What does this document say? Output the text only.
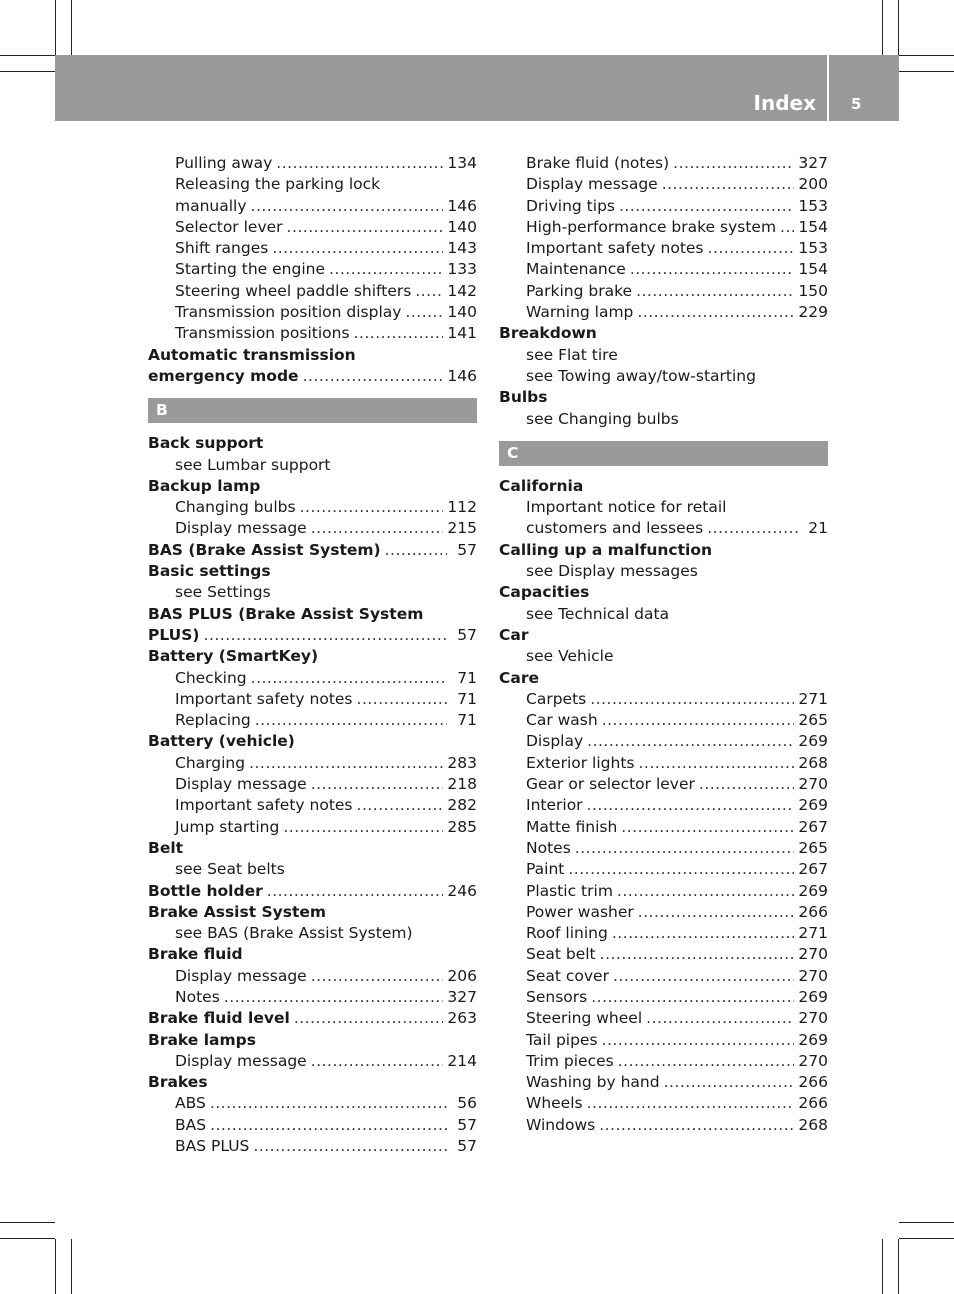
Index 5
Pulling away .....	134
Releasing the parking lock
manually .....	146
Selector lever .....	140
Shift ranges .....	143
Starting the engine .....	133
Steering wheel paddle shifters ..... 142
Transmission position display .....	140
Transmission positions .....	141
Automatic transmission
emergency mode .....	146
B
Back support
see Lumbar support
Backup lamp
Changing bulbs .....	112
Display message .....	215
BAS (Brake Assist System) .....	57
Basic settings
see Settings
BAS PLUS (Brake Assist System
PLUS) .....	57
Battery (SmartKey)
Checking .....	71
Important safety notes .....	71
Replacing .....	71
Battery (vehicle)
Charging .....	283
Display message .....	218
Important safety notes .....	282
Jump starting .....	285
Belt
see Seat belts
Bottle holder .....	246
Brake Assist System
see BAS (Brake Assist System)
Brake fluid
Display message .....	206
Notes .....	327
Brake fluid level .....	263
Brake lamps
Display message .....	214
Brakes
ABS .....	56
BAS .....	57
BAS PLUS .....	57
Brake fluid (notes) .....	327
Display message .....	200
Driving tips .....	153
High-performance brake system ..... 154
Important safety notes .....	153
Maintenance .....	154
Parking brake .....	150
Warning lamp .....	229
Breakdown
see Flat tire
see Towing away/tow-starting
Bulbs
see Changing bulbs
C
California
Important notice for retail
customers and lessees .....	21
Calling up a malfunction
see Display messages
Capacities
see Technical data
Car
see Vehicle
Care
Carpets .....	271
Car wash .....	265
Display .....	269
Exterior lights .....	268
Gear or selector lever .....	270
Interior .....	269
Matte finish .....	267
Notes .....	265
Paint .....	267
Plastic trim .....	269
Power washer .....	266
Roof lining .....	271
Seat belt .....	270
Seat cover .....	270
Sensors .....	269
Steering wheel .....	270
Tail pipes .....	269
Trim pieces .....	270
Washing by hand .....	266
Wheels .....	266
Windows .....	268
